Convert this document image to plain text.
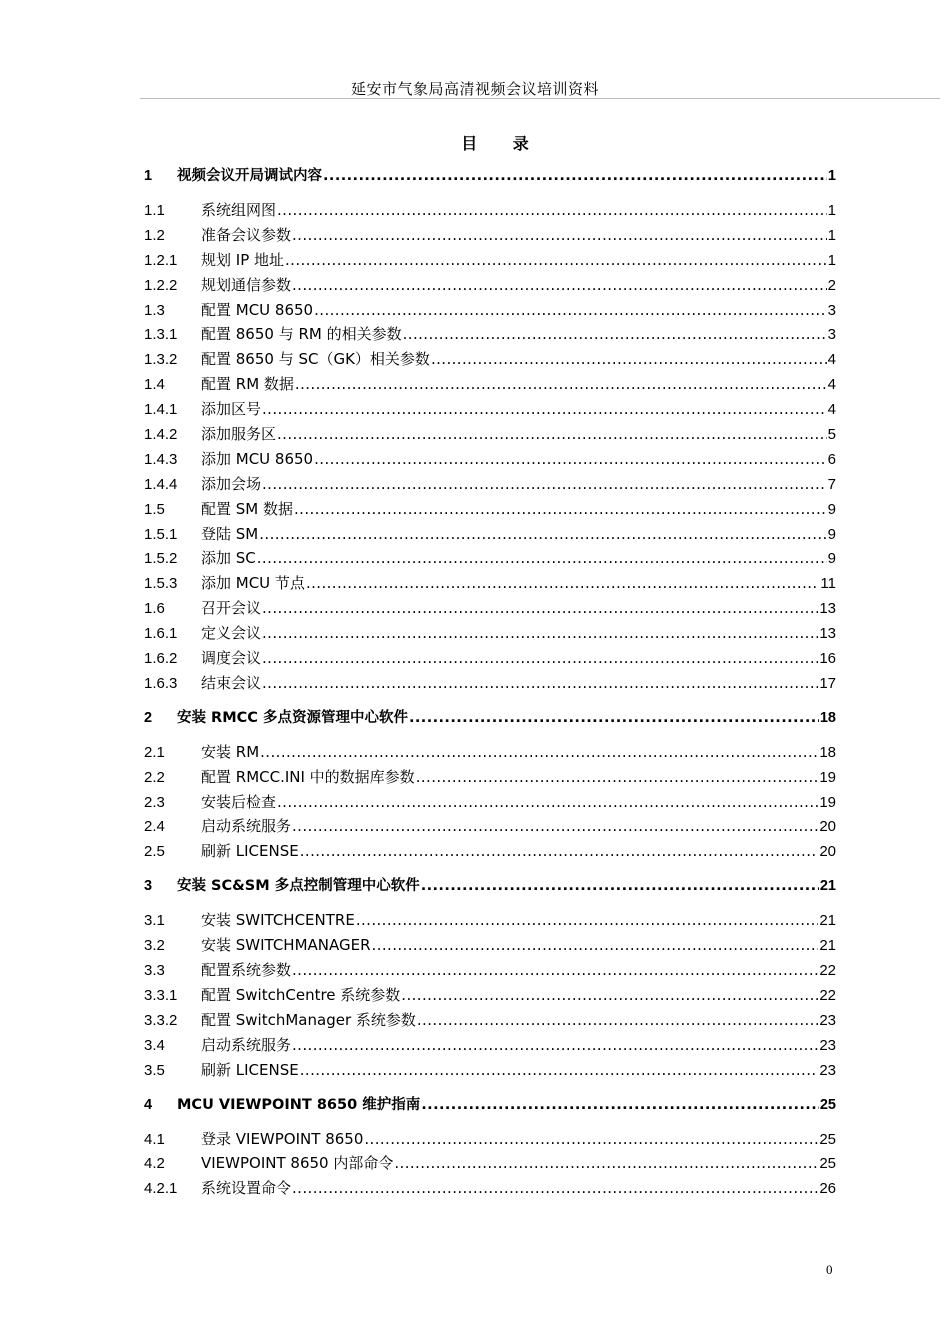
延安市气象局高清视频会议培训资料
目 录
1	视频会议开局调试内容 .....	1
1.1	系统组网图 .....	1
1.2	准备会议参数 .....	1
1.2.1	规划 IP 地址 .....	1
1.2.2	规划通信参数 .....	2
1.3	配置 MCU 8650 .....	3
1.3.1	配置 8650 与 RM 的相关参数 .....	3
1.3.2	配置 8650 与 SC（GK）相关参数 .....	4
1.4	配置 RM 数据 .....	4
1.4.1	添加区号 .....	4
1.4.2	添加服务区 .....	5
1.4.3	添加 MCU 8650 .....	6
1.4.4	添加会场 .....	7
1.5	配置 SM 数据 .....	9
1.5.1	登陆 SM .....	9
1.5.2	添加 SC .....	9
1.5.3	添加 MCU 节点 .....	11
1.6	召开会议 .....	13
1.6.1	定义会议 .....	13
1.6.2	调度会议 .....	16
1.6.3	结束会议 .....	17
2	安装 RMCC 多点资源管理中心软件 .....	18
2.1	安装 RM .....	18
2.2	配置 RMCC.INI 中的数据库参数 .....	19
2.3	安装后检查 .....	19
2.4	启动系统服务 .....	20
2.5	刷新 LICENSE .....	20
3	安装 SC&SM 多点控制管理中心软件 .....	21
3.1	安装 SWITCHCENTRE .....	21
3.2	安装 SWITCHMANAGER .....	21
3.3	配置系统参数 .....	22
3.3.1	配置 SwitchCentre 系统参数 .....	22
3.3.2	配置 SwitchManager 系统参数 .....	23
3.4	启动系统服务 .....	23
3.5	刷新 LICENSE .....	23
4	MCU VIEWPOINT 8650 维护指南 .....	25
4.1	登录 VIEWPOINT 8650 .....	25
4.2	VIEWPOINT 8650 内部命令 .....	25
4.2.1	系统设置命令 .....	26
0
